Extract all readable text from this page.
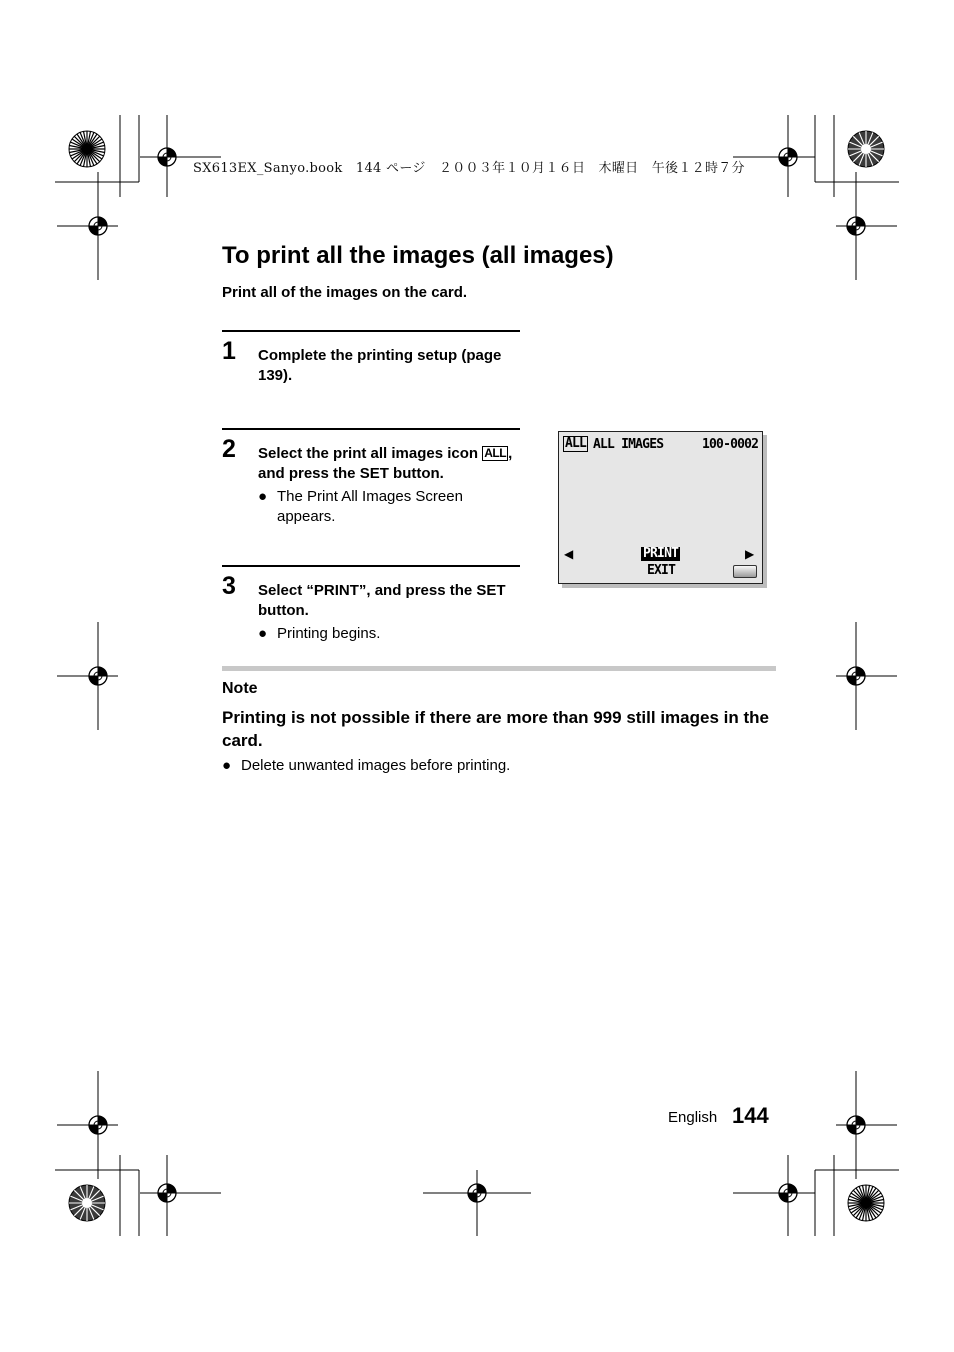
SX613EX_Sanyo.book　144 ページ　２００３年１０月１６日　木曜日　午後１２時７分
To print all the images (all images)
Print all of the images on the card.
1 Complete the printing setup (page 139).
2 Select the print all images icon ALL , and press the SET button.
● The Print All Images Screen appears.
3 Select “PRINT”, and press the SET button.
● Printing begins.
ALL ALL IMAGES	100-0002
◀	▶
PRINT
EXIT
Note
Printing is not possible if there are more than 999 still images in the card.
● Delete unwanted images before printing.
English 144
